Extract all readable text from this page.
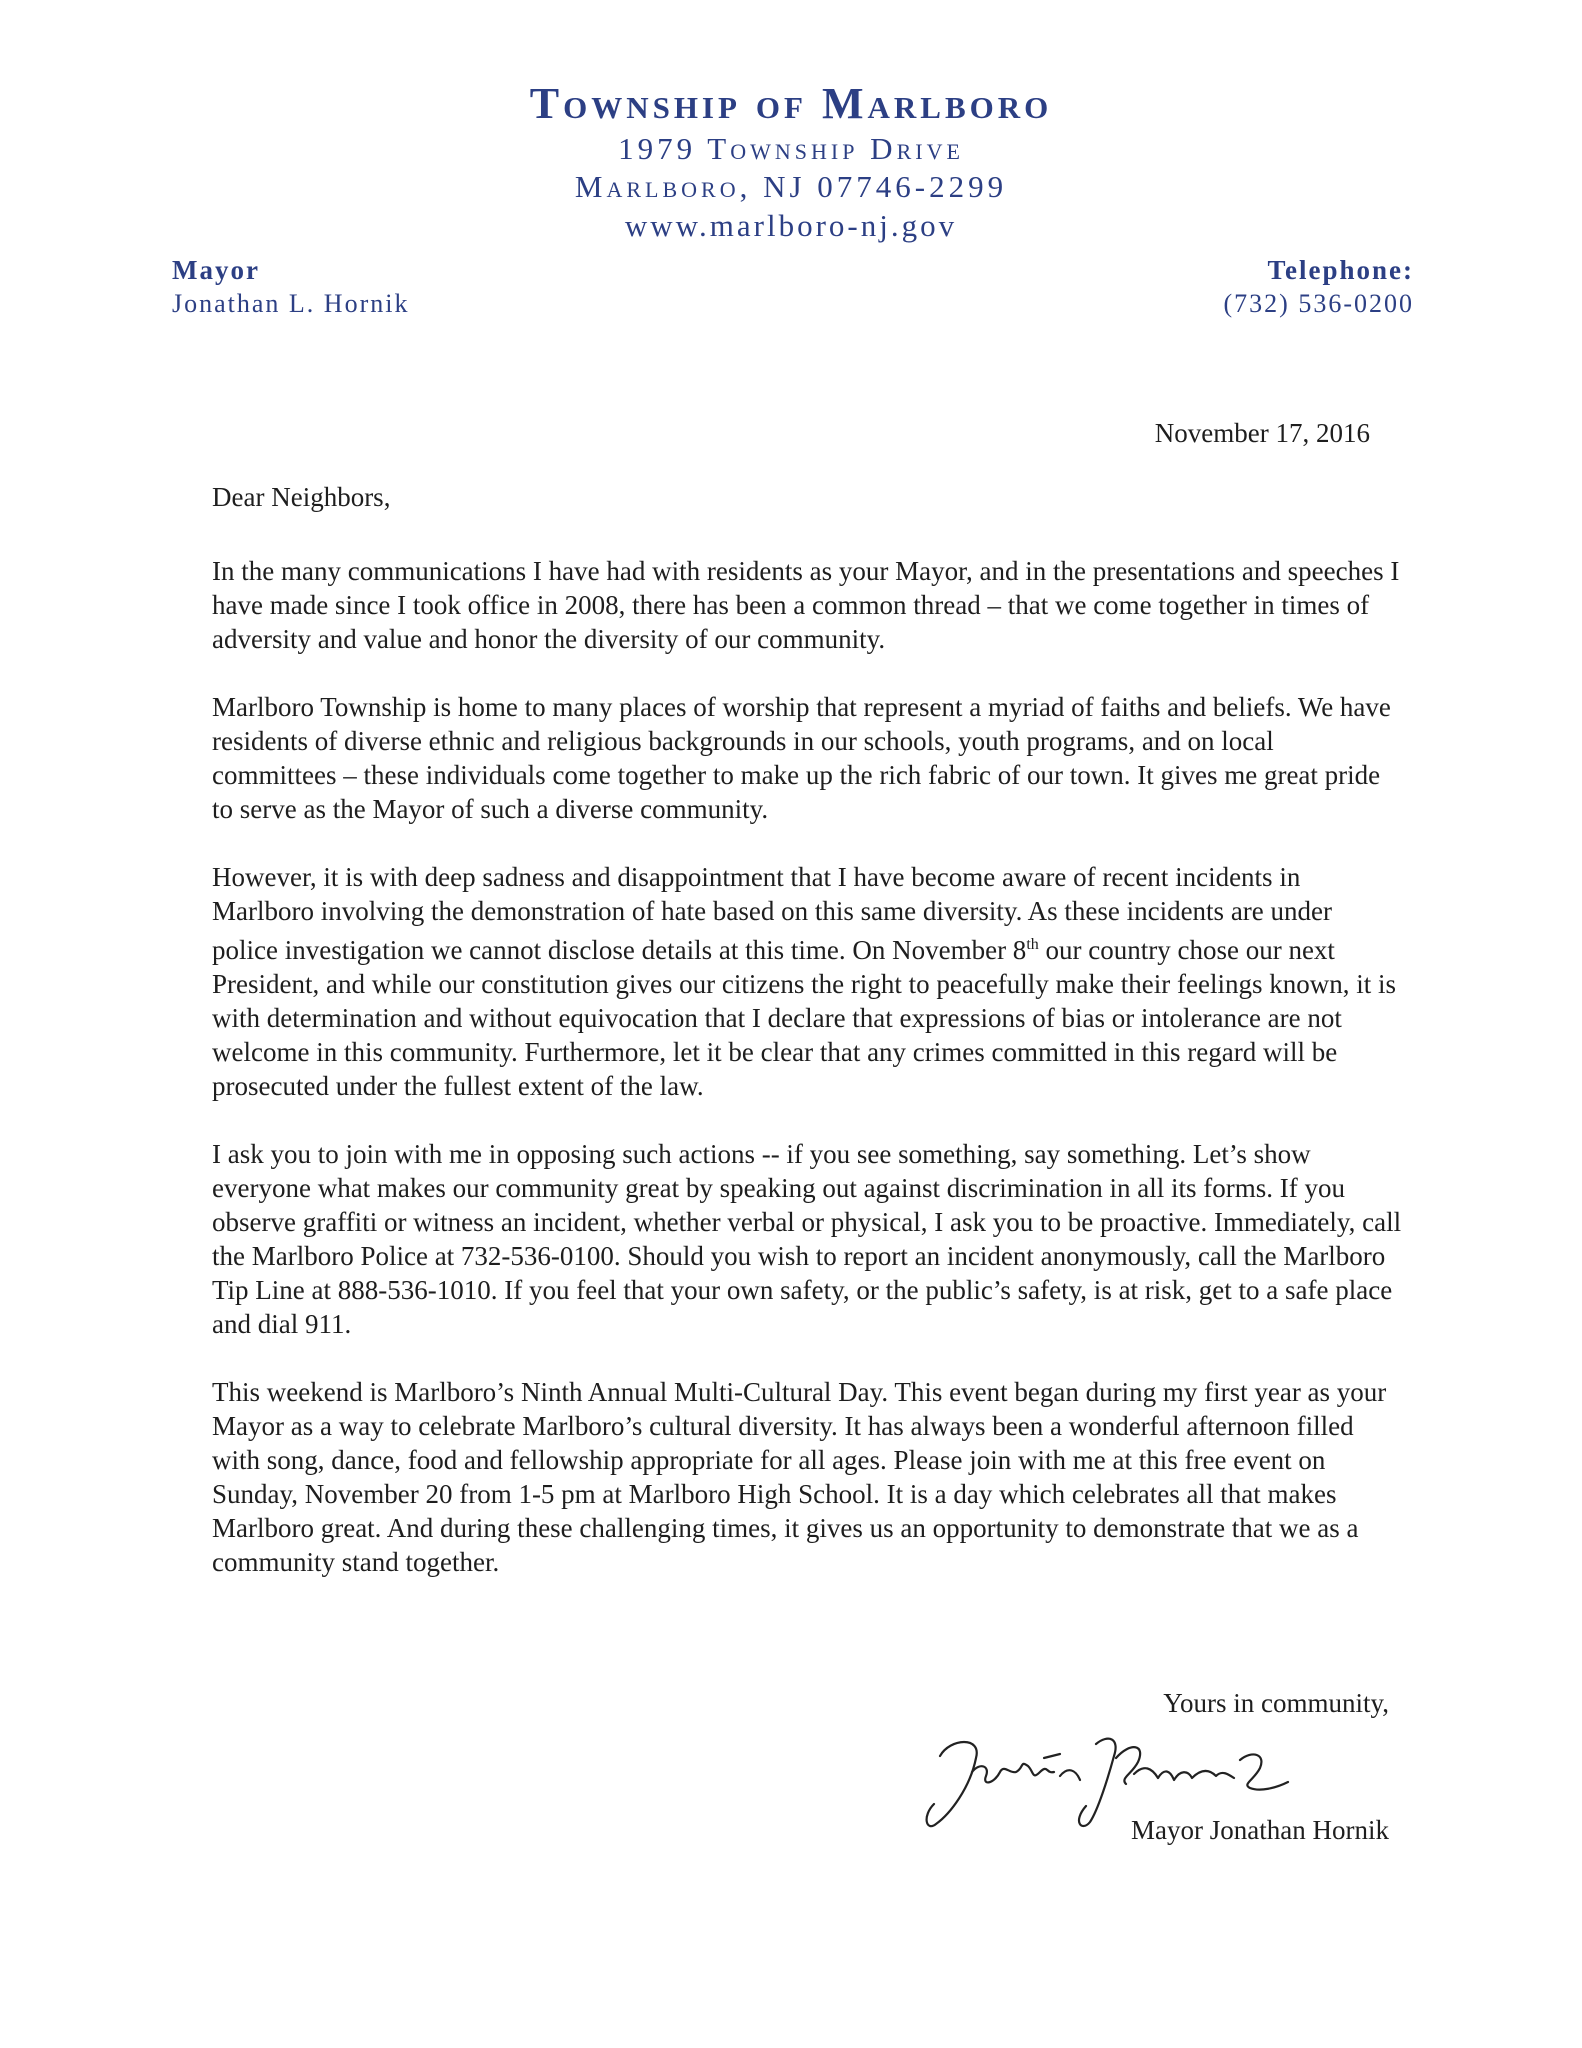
Township of Marlboro
1979 Township Drive
Marlboro, NJ 07746-2299
www.marlboro-nj.gov
Mayor
Jonathan L. Hornik
Telephone:
(732) 536-0200
November 17, 2016
Dear Neighbors,

In the many communications I have had with residents as your Mayor, and in the presentations and speeches I have made since I took office in 2008, there has been a common thread – that we come together in times of adversity and value and honor the diversity of our community.

Marlboro Township is home to many places of worship that represent a myriad of faiths and beliefs. We have residents of diverse ethnic and religious backgrounds in our schools, youth programs, and on local committees – these individuals come together to make up the rich fabric of our town. It gives me great pride to serve as the Mayor of such a diverse community.

However, it is with deep sadness and disappointment that I have become aware of recent incidents in Marlboro involving the demonstration of hate based on this same diversity. As these incidents are under police investigation we cannot disclose details at this time. On November 8th our country chose our next President, and while our constitution gives our citizens the right to peacefully make their feelings known, it is with determination and without equivocation that I declare that expressions of bias or intolerance are not welcome in this community. Furthermore, let it be clear that any crimes committed in this regard will be prosecuted under the fullest extent of the law.

I ask you to join with me in opposing such actions -- if you see something, say something. Let’s show everyone what makes our community great by speaking out against discrimination in all its forms. If you observe graffiti or witness an incident, whether verbal or physical, I ask you to be proactive. Immediately, call the Marlboro Police at 732-536-0100. Should you wish to report an incident anonymously, call the Marlboro Tip Line at 888-536-1010. If you feel that your own safety, or the public’s safety, is at risk, get to a safe place and dial 911.

This weekend is Marlboro’s Ninth Annual Multi-Cultural Day. This event began during my first year as your Mayor as a way to celebrate Marlboro’s cultural diversity. It has always been a wonderful afternoon filled with song, dance, food and fellowship appropriate for all ages. Please join with me at this free event on Sunday, November 20 from 1-5 pm at Marlboro High School. It is a day which celebrates all that makes Marlboro great. And during these challenging times, it gives us an opportunity to demonstrate that we as a community stand together.

Yours in community,
Mayor Jonathan Hornik
